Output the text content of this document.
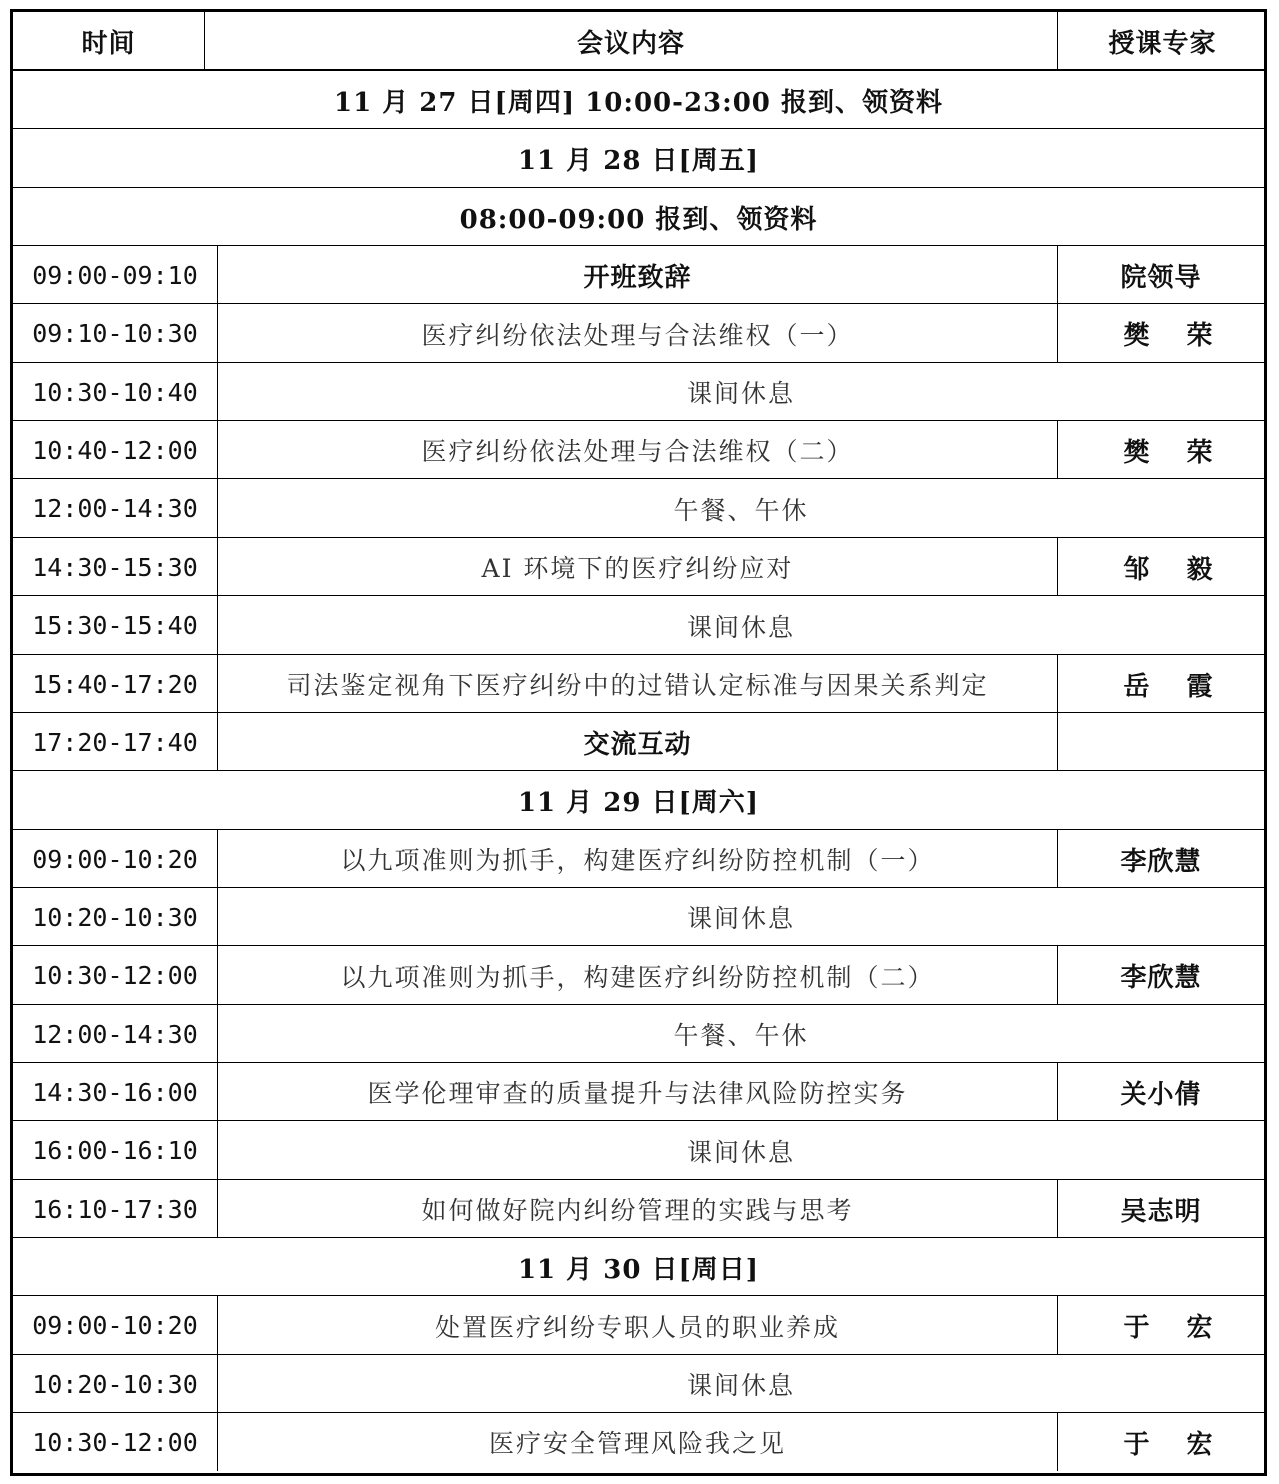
时间	会议内容	授课专家
11 月 27 日[周四] 10:00-23:00 报到、领资料
11 月 28 日[周五]
08:00-09:00 报到、领资料
09:00-09:10	开班致辞	院领导
09:10-10:30	医疗纠纷依法处理与合法维权（一）	樊 荣
10:30-10:40	课间休息
10:40-12:00	医疗纠纷依法处理与合法维权（二）	樊 荣
12:00-14:30	午餐、午休
14:30-15:30	AI 环境下的医疗纠纷应对	邹 毅
15:30-15:40	课间休息
15:40-17:20	司法鉴定视角下医疗纠纷中的过错认定标准与因果关系判定	岳 霞
17:20-17:40	交流互动
11 月 29 日[周六]
09:00-10:20	以九项准则为抓手，构建医疗纠纷防控机制（一）	李欣慧
10:20-10:30	课间休息
10:30-12:00	以九项准则为抓手，构建医疗纠纷防控机制（二）	李欣慧
12:00-14:30	午餐、午休
14:30-16:00	医学伦理审查的质量提升与法律风险防控实务	关小倩
16:00-16:10	课间休息
16:10-17:30	如何做好院内纠纷管理的实践与思考	吴志明
11 月 30 日[周日]
09:00-10:20	处置医疗纠纷专职人员的职业养成	于 宏
10:20-10:30	课间休息
10:30-12:00	医疗安全管理风险我之见	于 宏
